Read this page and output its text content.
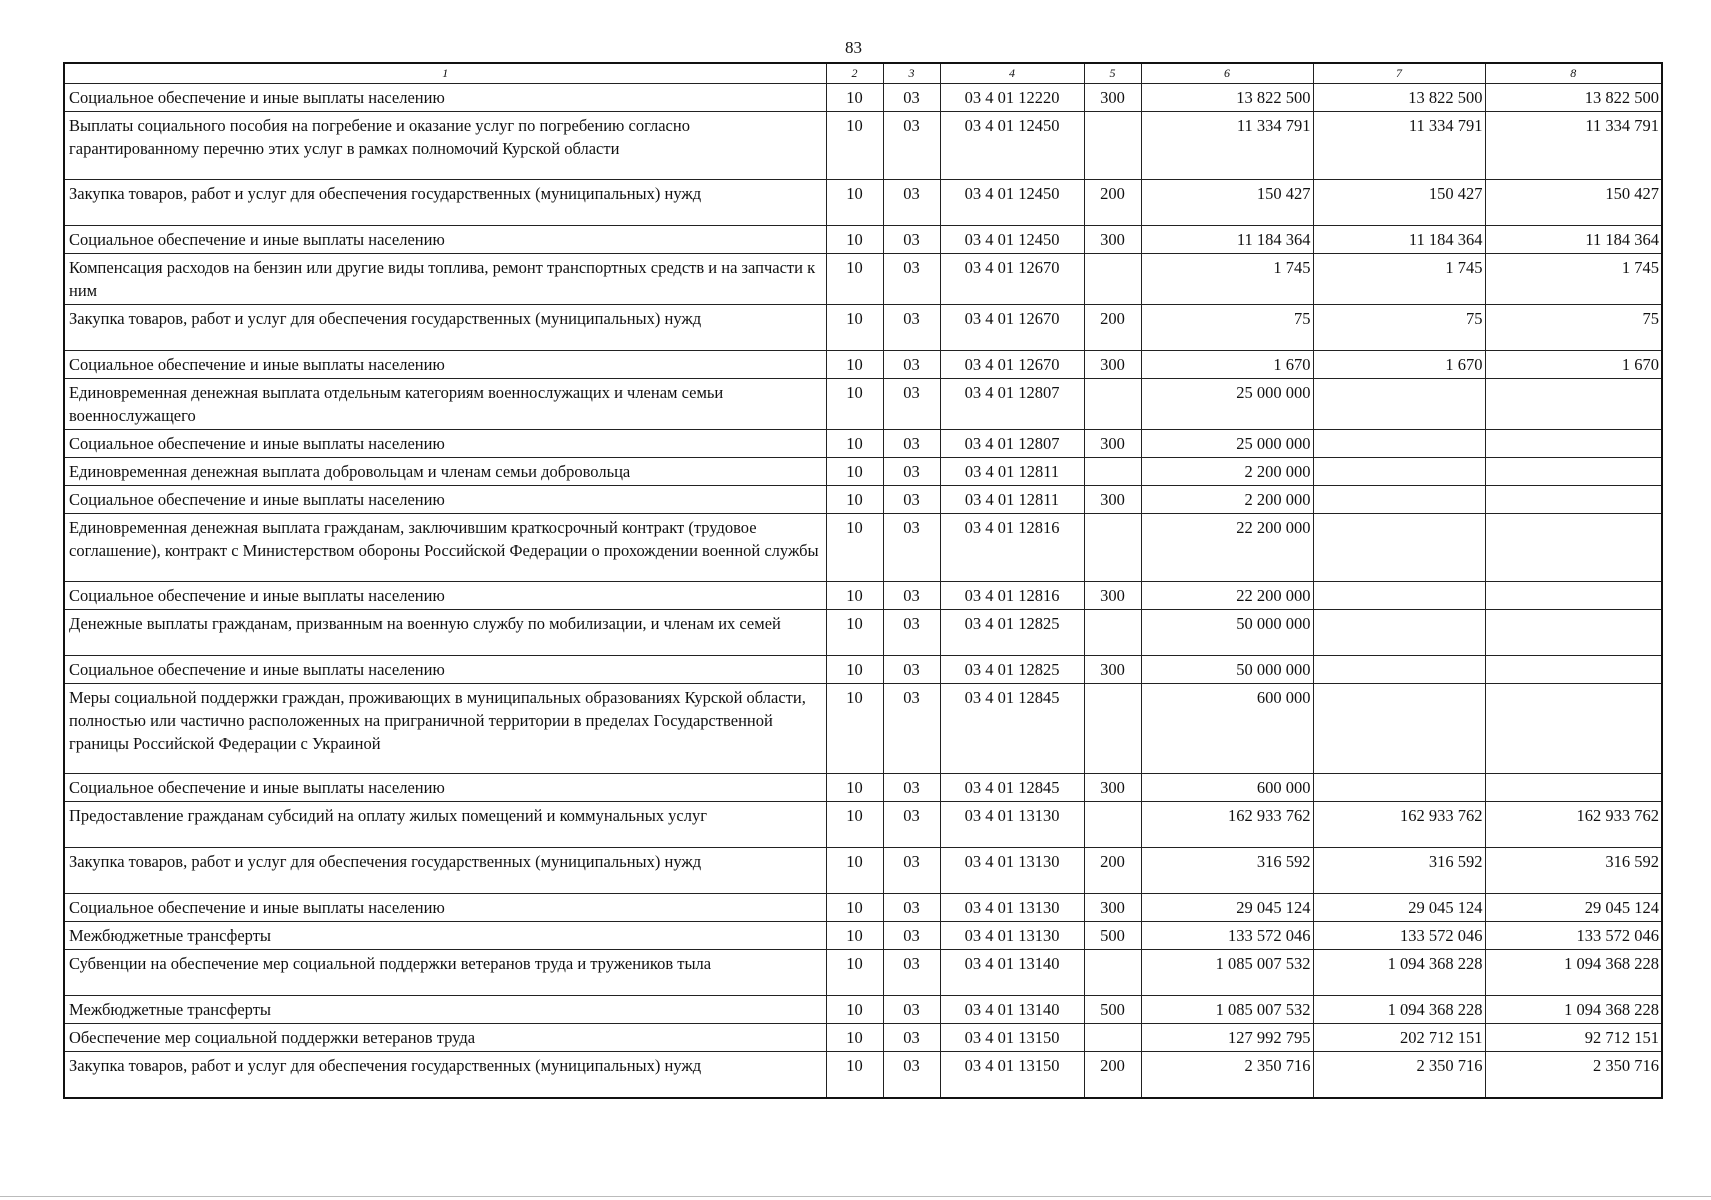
83
1	2	3	4	5	6	7	8
Социальное обеспечение и иные выплаты населению	10	03	03 4 01 12220	300	13 822 500	13 822 500	13 822 500
Выплаты социального пособия на погребение и оказание услуг по погребению согласно гарантированному перечню этих услуг в рамках полномочий Курской области	10	03	03 4 01 12450		11 334 791	11 334 791	11 334 791
Закупка товаров, работ и услуг для обеспечения государственных (муниципальных) нужд	10	03	03 4 01 12450	200	150 427	150 427	150 427
Социальное обеспечение и иные выплаты населению	10	03	03 4 01 12450	300	11 184 364	11 184 364	11 184 364
Компенсация расходов на бензин или другие виды топлива, ремонт транспортных средств и на запчасти к ним	10	03	03 4 01 12670		1 745	1 745	1 745
Закупка товаров, работ и услуг для обеспечения государственных (муниципальных) нужд	10	03	03 4 01 12670	200	75	75	75
Социальное обеспечение и иные выплаты населению	10	03	03 4 01 12670	300	1 670	1 670	1 670
Единовременная денежная выплата отдельным категориям военнослужащих и членам семьи военнослужащего	10	03	03 4 01 12807		25 000 000		
Социальное обеспечение и иные выплаты населению	10	03	03 4 01 12807	300	25 000 000		
Единовременная денежная выплата добровольцам и членам семьи добровольца	10	03	03 4 01 12811		2 200 000		
Социальное обеспечение и иные выплаты населению	10	03	03 4 01 12811	300	2 200 000		
Единовременная денежная выплата гражданам, заключившим краткосрочный контракт (трудовое соглашение), контракт с Министерством обороны Российской Федерации о прохождении военной службы	10	03	03 4 01 12816		22 200 000		
Социальное обеспечение и иные выплаты населению	10	03	03 4 01 12816	300	22 200 000		
Денежные выплаты гражданам, призванным на военную службу по мобилизации, и членам их семей	10	03	03 4 01 12825		50 000 000		
Социальное обеспечение и иные выплаты населению	10	03	03 4 01 12825	300	50 000 000		
Меры социальной поддержки граждан, проживающих в муниципальных образованиях Курской области, полностью или частично расположенных на приграничной территории в пределах Государственной границы Российской Федерации с Украиной	10	03	03 4 01 12845		600 000		
Социальное обеспечение и иные выплаты населению	10	03	03 4 01 12845	300	600 000		
Предоставление гражданам субсидий на оплату жилых помещений и коммунальных услуг	10	03	03 4 01 13130		162 933 762	162 933 762	162 933 762
Закупка товаров, работ и услуг для обеспечения государственных (муниципальных) нужд	10	03	03 4 01 13130	200	316 592	316 592	316 592
Социальное обеспечение и иные выплаты населению	10	03	03 4 01 13130	300	29 045 124	29 045 124	29 045 124
Межбюджетные трансферты	10	03	03 4 01 13130	500	133 572 046	133 572 046	133 572 046
Субвенции на обеспечение мер социальной поддержки ветеранов труда и тружеников тыла	10	03	03 4 01 13140		1 085 007 532	1 094 368 228	1 094 368 228
Межбюджетные трансферты	10	03	03 4 01 13140	500	1 085 007 532	1 094 368 228	1 094 368 228
Обеспечение мер социальной поддержки ветеранов труда	10	03	03 4 01 13150		127 992 795	202 712 151	92 712 151
Закупка товаров, работ и услуг для обеспечения государственных (муниципальных) нужд	10	03	03 4 01 13150	200	2 350 716	2 350 716	2 350 716
